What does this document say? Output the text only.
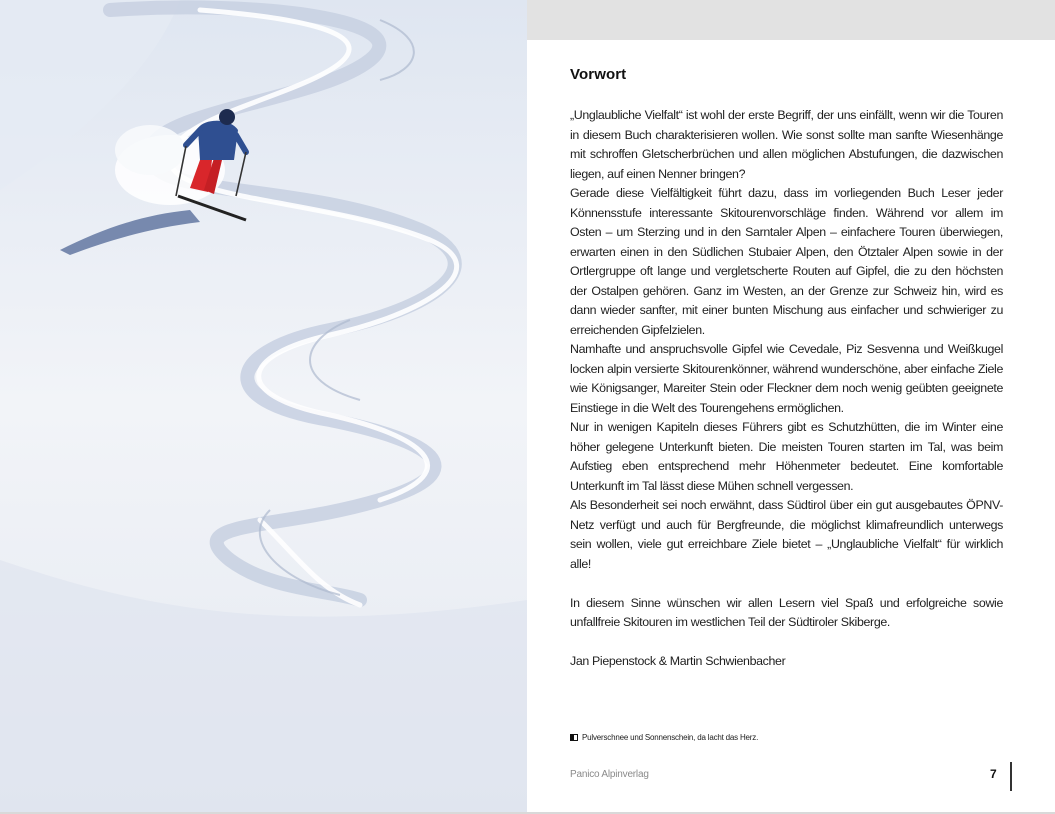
Vorwort

„Unglaubliche Vielfalt“ ist wohl der erste Begriff, der uns einfällt, wenn wir die Touren in diesem Buch charakterisieren wollen. Wie sonst sollte man sanfte Wiesenhänge mit schroffen Gletscherbrüchen und allen möglichen Abstufungen, die dazwischen liegen, auf einen Nenner bringen?

Gerade diese Vielfältigkeit führt dazu, dass im vorliegenden Buch Leser jeder Könnensstufe interessante Skitourenvorschläge finden. Während vor allem im Osten – um Sterzing und in den Sarntaler Alpen – einfachere Touren überwiegen, erwarten einen in den Südlichen Stubaier Alpen, den Ötztaler Alpen sowie in der Ortlergruppe oft lange und vergletscherte Routen auf Gipfel, die zu den höchsten der Ostalpen gehören. Ganz im Westen, an der Grenze zur Schweiz hin, wird es dann wieder sanfter, mit einer bunten Mischung aus einfacher und schwieriger zu erreichenden Gipfelzielen.

Namhafte und anspruchsvolle Gipfel wie Cevedale, Piz Sesvenna und Weißkugel locken alpin versierte Skitourenkönner, während wunderschöne, aber einfache Ziele wie Königsanger, Mareiter Stein oder Fleckner dem noch wenig geübten geeignete Einstiege in die Welt des Tourengehens ermöglichen.

Nur in wenigen Kapiteln dieses Führers gibt es Schutzhütten, die im Winter eine höher gelegene Unterkunft bieten. Die meisten Touren starten im Tal, was beim Aufstieg eben entsprechend mehr Höhenmeter bedeutet. Eine komfortable Unterkunft im Tal lässt diese Mühen schnell vergessen.

Als Besonderheit sei noch erwähnt, dass Südtirol über ein gut ausgebautes ÖPNV-Netz verfügt und auch für Bergfreunde, die möglichst klimafreundlich unterwegs sein wollen, viele gut erreichbare Ziele bietet – „Unglaubliche Vielfalt“ für wirklich alle!

In diesem Sinne wünschen wir allen Lesern viel Spaß und erfolgreiche sowie unfallfreie Skitouren im westlichen Teil der Südtiroler Skiberge.

Jan Piepenstock & Martin Schwienbacher

Pulverschnee und Sonnenschein, da lacht das Herz.
Panico Alpinverlag	7
